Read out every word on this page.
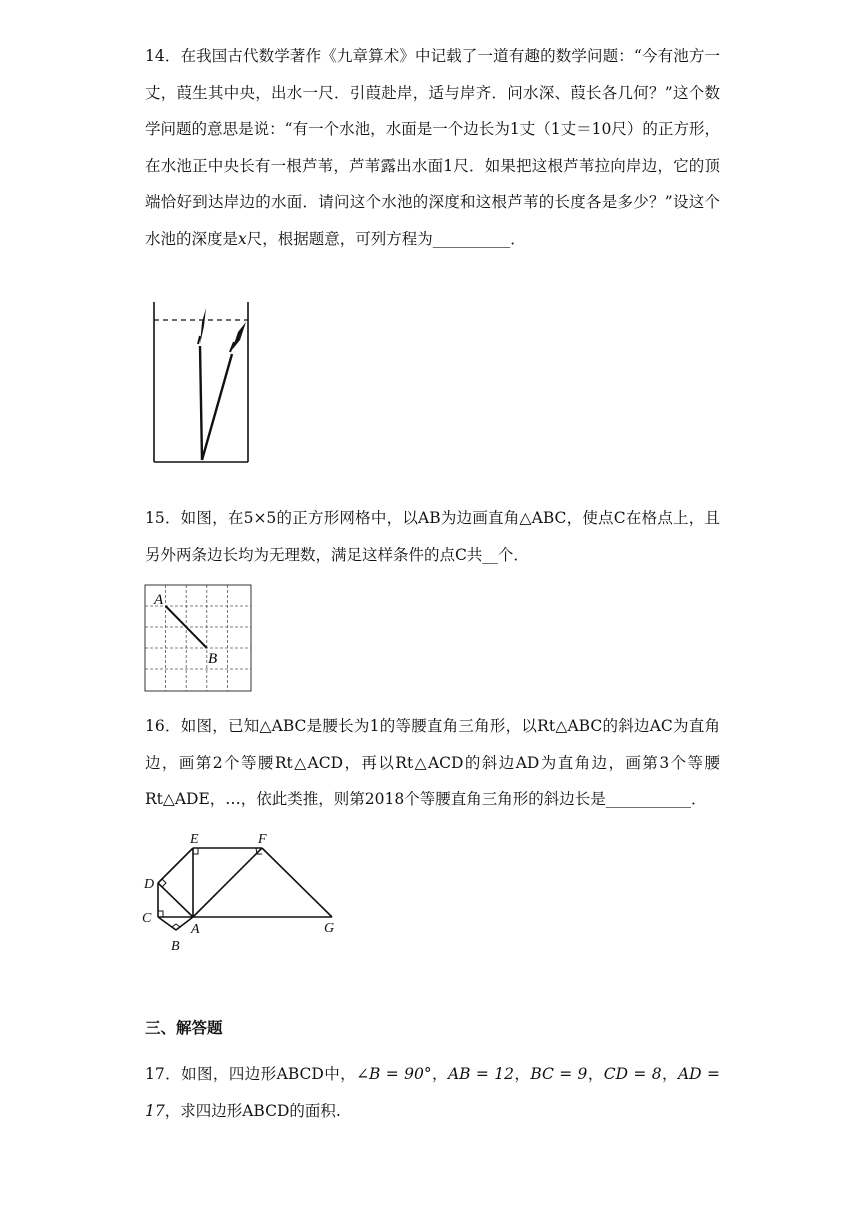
14．在我国古代数学著作《九章算术》中记载了一道有趣的数学问题：“今有池方一丈，葭生其中央，出水一尺．引葭赴岸，适与岸齐．问水深、葭长各几何？”这个数学问题的意思是说：“有一个水池，水面是一个边长为1丈（1丈＝10尺）的正方形，在水池正中央长有一根芦苇，芦苇露出水面1尺．如果把这根芦苇拉向岸边，它的顶端恰好到达岸边的水面．请问这个水池的深度和这根芦苇的长度各是多少？”设这个水池的深度是x尺，根据题意，可列方程为__________．

15．如图，在5×5的正方形网格中，以AB为边画直角△ABC，使点C在格点上，且另外两条边长均为无理数，满足这样条件的点C共__个．

A
B

16．如图，已知△ABC是腰长为1的等腰直角三角形，以Rt△ABC的斜边AC为直角边，画第2个等腰Rt△ACD，再以Rt△ACD的斜边AD为直角边，画第3个等腰Rt△ADE，…，依此类推，则第2018个等腰直角三角形的斜边长是___________．

E	F
D
C
A
B
G

三、解答题

17．如图，四边形ABCD中，∠B = 90°，AB = 12，BC = 9，CD = 8，AD = 17，求四边形ABCD的面积.
